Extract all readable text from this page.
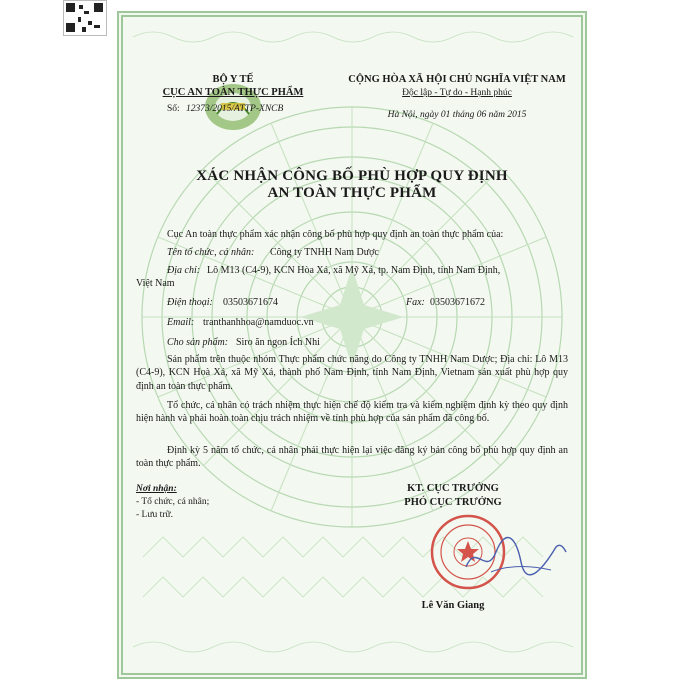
BỘ Y TẾ
CỤC AN TOÀN THỰC PHẨM
Số: 12373/2015/ATTP-XNCB
CỘNG HÒA XÃ HỘI CHỦ NGHĨA VIỆT NAM
Độc lập - Tự do - Hạnh phúc
Hà Nội, ngày 01 tháng 06 năm 2015
XÁC NHẬN CÔNG BỐ PHÙ HỢP QUY ĐỊNH
AN TOÀN THỰC PHẨM
Cục An toàn thực phẩm xác nhận công bố phù hợp quy định an toàn thực phẩm của:
Tên tổ chức, cá nhân: Công ty TNHH Nam Dược
Địa chỉ: Lô M13 (C4-9), KCN Hòa Xá, xã Mỹ Xá, tp. Nam Định, tỉnh Nam Định,
Việt Nam
Điện thoại: 03503671674	Fax: 03503671672
Email: tranthanhhoa@namduoc.vn
Cho sản phẩm: Siro ăn ngon Ích Nhi
Sản phẩm trên thuộc nhóm Thực phẩm chức năng do Công ty TNHH Nam Dược; Địa chỉ: Lô M13 (C4-9), KCN Hoà Xá, xã Mỹ Xá, thành phố Nam Định, tỉnh Nam Định, Vietnam sản xuất phù hợp quy định an toàn thực phẩm.
Tổ chức, cá nhân có trách nhiệm thực hiện chế độ kiểm tra và kiểm nghiệm định kỳ theo quy định hiện hành và phải hoàn toàn chịu trách nhiệm về tính phù hợp của sản phẩm đã công bố.
Định kỳ 5 năm tổ chức, cá nhân phải thực hiện lại việc đăng ký bản công bố phù hợp quy định an toàn thực phẩm.
Nơi nhận:
- Tổ chức, cá nhân;
- Lưu trữ.
KT. CỤC TRƯỞNG
PHÓ CỤC TRƯỞNG
Lê Văn Giang
